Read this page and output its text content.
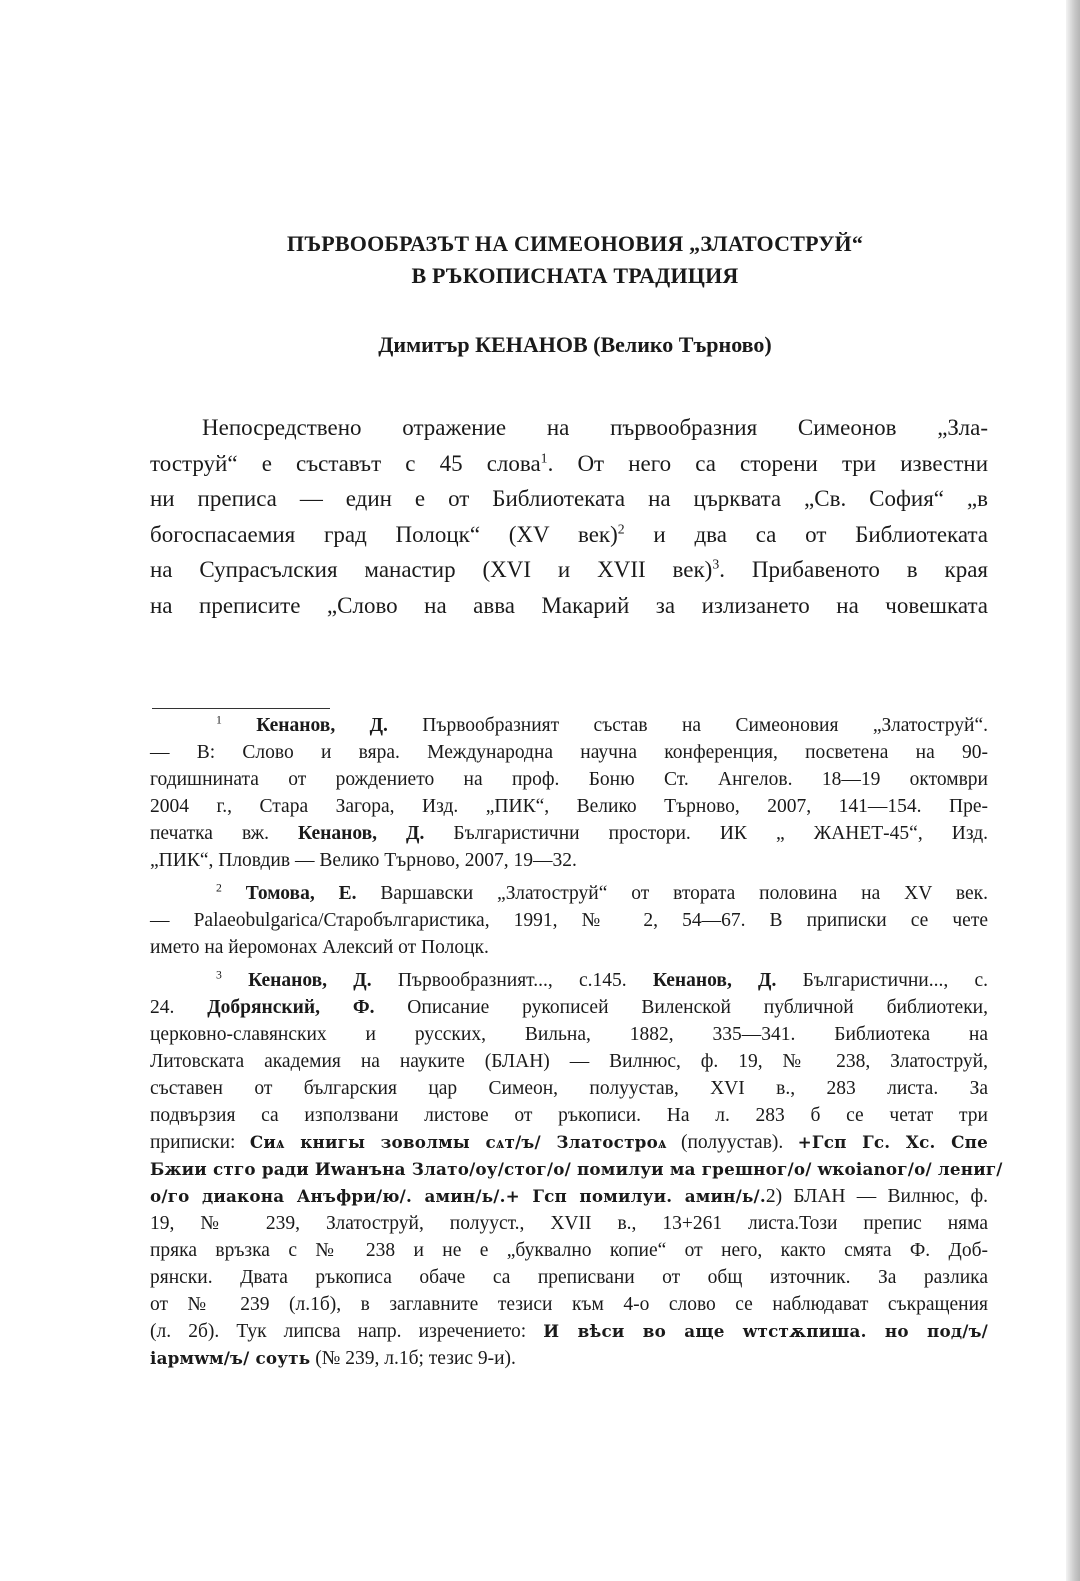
ПЪРВООБРАЗЪТ НА СИМЕОНОВИЯ „ЗЛАТОСТРУЙ“
В РЪКОПИСНАТА ТРАДИЦИЯ
Димитър КЕНАНОВ (Велико Търново)
Непосредствено отражение на първообразния Симеонов „Зла-
тоструй“ е съставът с 45 слова$^1$. От него са сторени три известни
ни преписа — един е от Библиотеката на църквата „Св. София“ „в
богоспасаемия град Полоцк“ (XV век)$^2$ и два са от Библиотеката
на Супрасълския манастир (XVI и XVII век)$^3$. Прибавеното в края
на преписите „Слово на авва Макарий за излизането на човешката
$^1$ Кенанов, Д. Първообразният състав на Симеоновия „Златоструй“.
— В: Слово и вяра. Международна научна конференция, посветена на 90-
годишнината от рождението на проф. Боню Ст. Ангелов. 18—19 октомври
2004 г., Стара Загора, Изд. „ПИК“, Велико Търново, 2007, 141—154. Пре-
печатка вж. Кенанов, Д. Българистични простори. ИК „ ЖАНЕТ-45“, Изд.
„ПИК“, Пловдив — Велико Търново, 2007, 19—32.
$^2$ Томова, Е. Варшавски „Златоструй“ от втората половина на XV век.
— Palaeobulgarica/Старобългаристика, 1991, № 2, 54—67. В приписки се чете
името на йеромонах Алексий от Полоцк.
$^3$ Кенанов, Д. Първообразният..., с.145. Кенанов, Д. Българистични..., с.
24. Добрянский, Ф. Описание рукописей Виленской публичной библиотеки,
церковно-славянских и русских, Вильна, 1882, 335—341. Библиотека на
Литовската академия на науките (БЛАН) — Вилнюс, ф. 19, № 238, Златоструй,
съставен от българския цар Симеон, полуустав, XVI в., 283 листа. За
подвързия са използвани листове от ръкописи. На л. 283 б се четат три
приписки: Сиѧ книгы зоволмы сѧт/ъ/ Златостроѧ (полуустав). +Гсп Гс. Хс. Спе
Бжии стго ради Иwанъна Злато/оу/стог/о/ помилуи ма грешног/о/ wкоianог/о/ лениг/
о/го диакона Анъфри/ю/. амин/ь/.+ Гсп помилуи. амин/ь/.2) БЛАН — Вилнюс, ф.
19, № 239, Златоструй, полууст., XVII в., 13+261 листа.Този препис няма
пряка връзка с № 238 и не е „буквално копие“ от него, както смята Ф. Доб-
рянски. Двата ръкописа обаче са преписвани от общ източник. За разлика
от № 239 (л.1б), в заглавните тезиси към 4-о слово се наблюдават съкращения
(л. 2б). Тук липсва напр. изречението: И вѣси во аще wтстѫпиша. но под/ъ/
iармwм/ъ/ соуть (№ 239, л.1б; тезис 9-и).
